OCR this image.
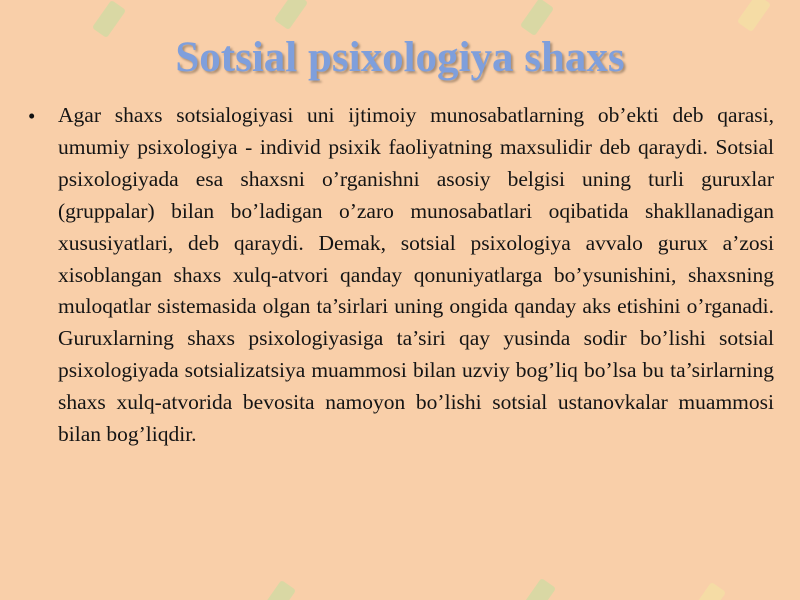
Sotsial psixologiya shaxs
• Agar shaxs sotsialogiyasi uni ijtimoiy munosabatlarning ob’ekti deb qarasi, umumiy psixologiya - individ psixik faoliyatning maxsulidir deb qaraydi. Sotsial psixologiyada esa shaxsni o’rganishni asosiy belgisi uning turli guruxlar (gruppalar) bilan bo’ladigan o’zaro munosabatlari oqibatida shakllanadigan xususiyatlari, deb qaraydi. Demak, sotsial psixologiya avvalo gurux a’zosi xisoblangan shaxs xulq-atvori qanday qonuniyatlarga bo’ysunishini, shaxsning muloqatlar sistemasida olgan ta’sirlari uning ongida qanday aks etishini o’rganadi. Guruxlarning shaxs psixologiyasiga ta’siri qay yusinda sodir bo’lishi sotsial psixologiyada sotsializatsiya muammosi bilan uzviy bog’liq bo’lsa bu ta’sirlarning shaxs xulq-atvorida bevosita namoyon bo’lishi sotsial ustanovkalar muammosi bilan bog’liqdir.
